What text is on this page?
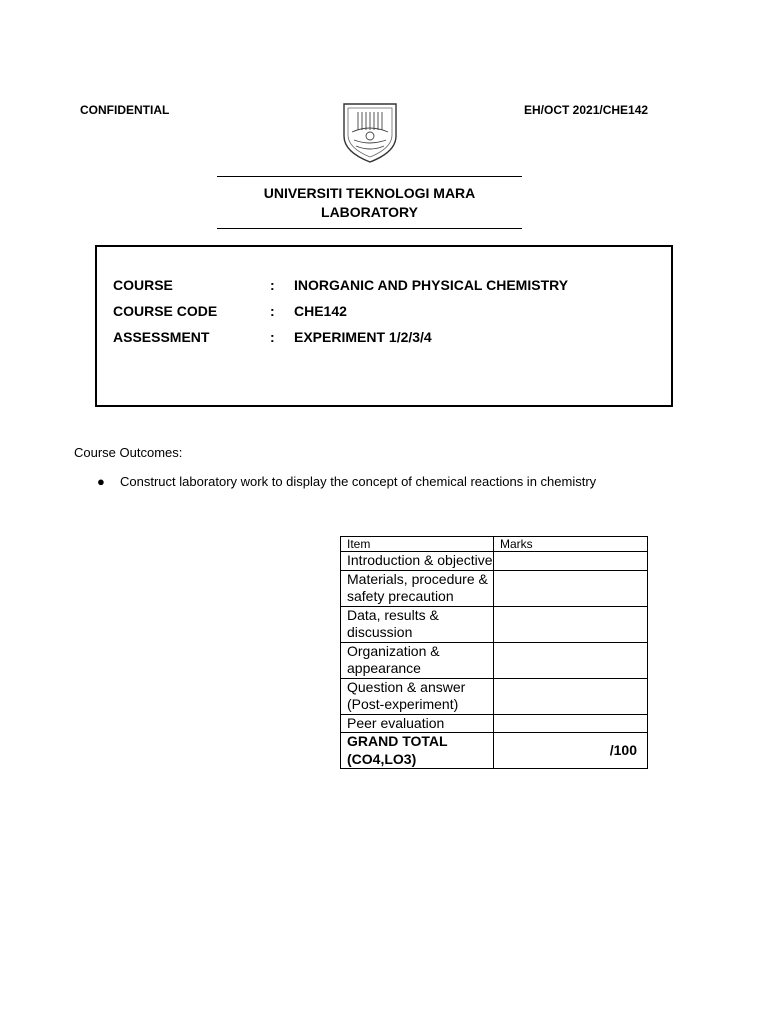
CONFIDENTIAL	EH/OCT 2021/CHE142
UNIVERSITI TEKNOLOGI MARA
LABORATORY
COURSE	: INORGANIC AND PHYSICAL CHEMISTRY
COURSE CODE	: CHE142
ASSESSMENT	: EXPERIMENT 1/2/3/4
Course Outcomes:
● Construct laboratory work to display the concept of chemical reactions in chemistry
Item	Marks
Introduction & objective	
Materials, procedure & safety precaution	
Data, results & discussion	
Organization & appearance	
Question & answer (Post-experiment)	
Peer evaluation	

GRAND TOTAL
(CO4,LO3)	/100
